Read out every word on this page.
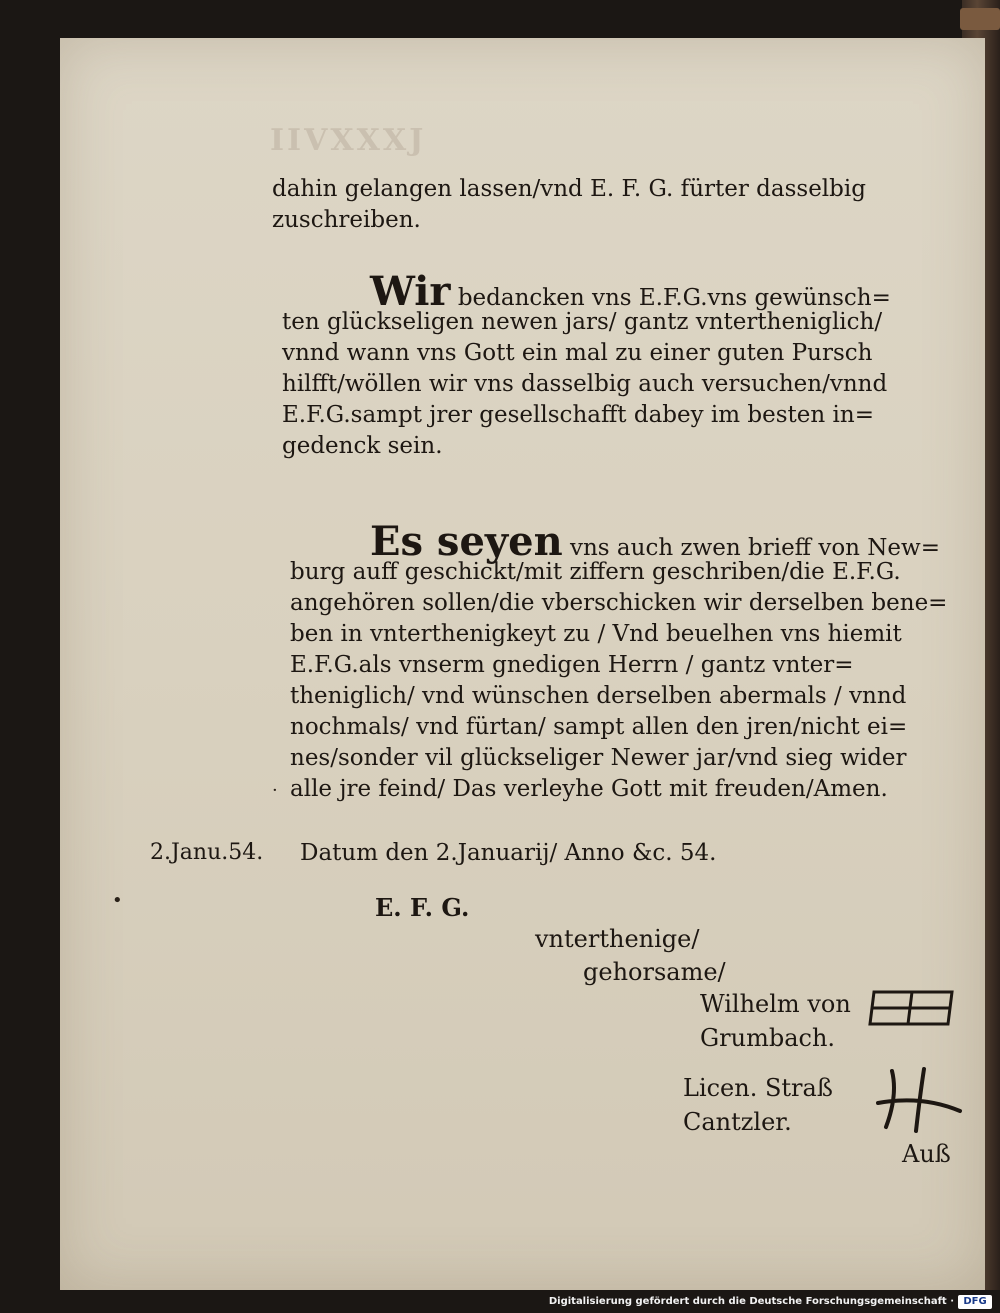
IIVXXXJ
dahin gelangen lassen/vnd E. F. G. fürter dasselbig
zuschreiben.
Wir bedancken vns E.F.G.vns gewünsch=
ten glückseligen newen jars/ gantz vntertheniglich/
vnnd wann vns Gott ein mal zu einer guten Pursch
hilfft/wöllen wir vns dasselbig auch versuchen/vnnd
E.F.G.sampt jrer gesellschafft dabey im besten in=
gedenck sein.
Es seyen vns auch zwen brieff von New=
burg auff geschickt/mit ziffern geschriben/die E.F.G.
angehören sollen/die vberschicken wir derselben bene=
ben in vnterthenigkeyt zu / Vnd beuelhen vns hiemit
E.F.G.als vnserm gnedigen Herrn / gantz vnter=
theniglich/ vnd wünschen derselben abermals / vnnd
nochmals/ vnd fürtan/ sampt allen den jren/nicht ei=
nes/sonder vil glückseliger Newer jar/vnd sieg wider
alle jre feind/ Das verleyhe Gott mit freuden/Amen.
2.Janu.54. Datum den 2.Januarij/ Anno &c. 54.
E. F. G.
vnterthenige/
gehorsame/
Wilhelm von
Grumbach.
Licen. Straß
Cantzler.
Auß
•
·
Digitalisierung gefördert durch die Deutsche Forschungsgemeinschaft · DFG
